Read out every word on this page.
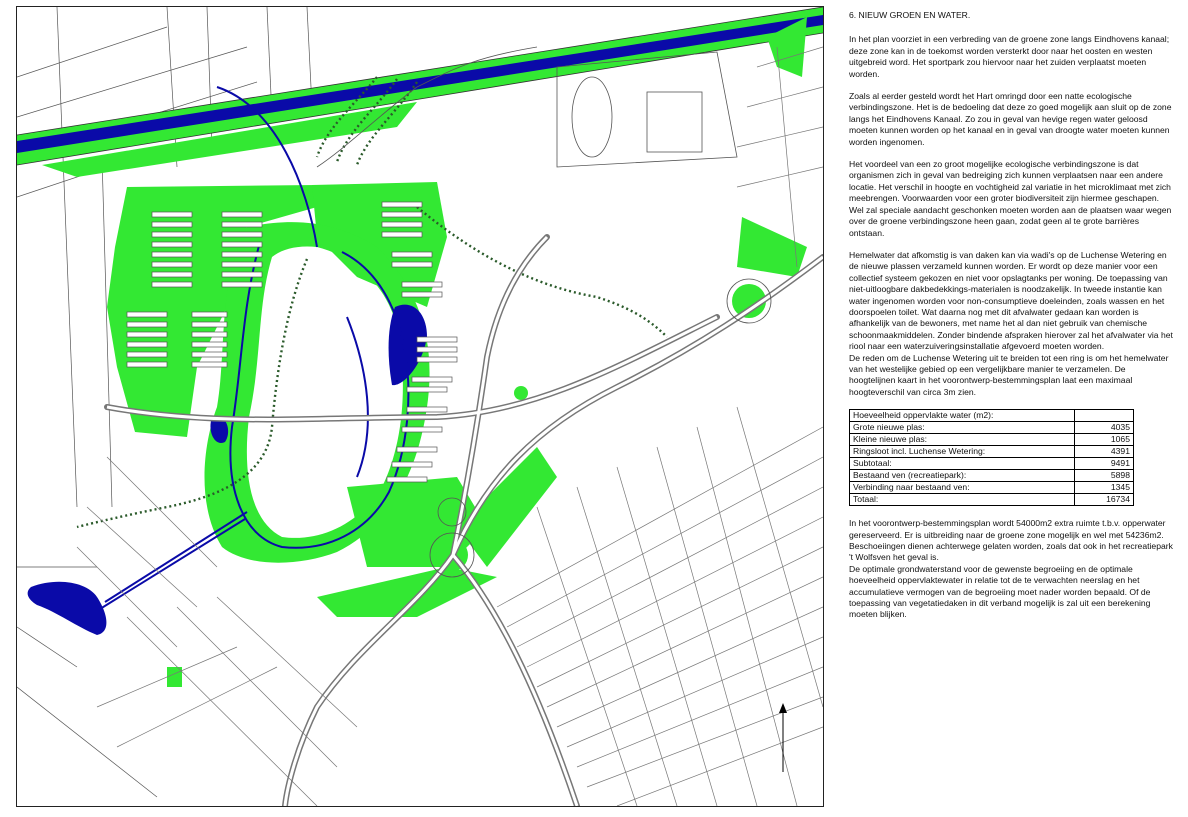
6. NIEUW GROEN EN WATER.

In het plan voorziet in een verbreding van de groene zone langs Eindhovens kanaal; deze zone kan in de toekomst worden versterkt door naar het oosten en westen uitgebreid word. Het sportpark zou hiervoor naar het zuiden verplaatst moeten worden.

Zoals al eerder gesteld wordt het Hart omringd door een natte ecologische verbindingszone. Het is de bedoeling dat deze zo goed mogelijk aan sluit op de zone langs het Eindhovens Kanaal. Zo zou in geval van hevige regen water geloosd moeten kunnen worden op het kanaal en in geval van droogte water moeten kunnen worden ingenomen.

Het voordeel van een zo groot mogelijke ecologische verbindingszone is dat organismen zich in geval van bedreiging zich kunnen verplaatsen naar een andere locatie. Het verschil in hoogte en vochtigheid zal variatie in het microklimaat met zich meebrengen. Voorwaarden voor een groter biodiversiteit zijn hiermee geschapen. Wel zal speciale aandacht geschonken moeten worden aan de plaatsen waar wegen over de groene verbindingszone heen gaan, zodat geen al te grote barrières ontstaan.

Hemelwater dat afkomstig is van daken kan via wadi's op de Luchense Wetering en de nieuwe plassen verzameld kunnen worden. Er wordt op deze manier voor een collectief systeem gekozen en niet voor opslagtanks per woning. De toepassing van niet-uitloogbare dakbedekkings-materialen is noodzakelijk. In tweede instantie kan water ingenomen worden voor non-consumptieve doeleinden, zoals wassen en het doorspoelen toilet. Wat daarna nog met dit afvalwater gedaan kan worden is afhankelijk van de bewoners, met name het al dan niet gebruik van chemische schoonmaakmiddelen. Zonder bindende afspraken hierover zal het afvalwater via het riool naar een waterzuiveringsinstallatie afgevoerd moeten worden.

De reden om de Luchense Wetering uit te breiden tot een ring is om het hemelwater van het westelijke gebied op een vergelijkbare manier te verzamelen. De hoogtelijnen kaart in het voorontwerp-bestemmingsplan laat een maximaal hoogteverschil van circa 3m zien.

Hoeveelheid oppervlakte water (m2):	
Grote nieuwe plas:	4035
Kleine nieuwe plas:	1065
Ringsloot incl. Luchense Wetering:	4391
Subtotaal:	9491
Bestaand ven (recreatiepark):	5898
Verbinding naar bestaand ven:	1345
Totaal:	16734

In het voorontwerp-bestemmingsplan wordt 54000m2 extra ruimte t.b.v. opperwater gereserveerd. Er is uitbreiding naar de groene zone mogelijk en wel met 54236m2. Beschoeiingen dienen achterwege gelaten worden, zoals dat ook in het recreatiepark 't Wolfsven het geval is.

De optimale grondwaterstand voor de gewenste begroeiing en de optimale hoeveelheid oppervlaktewater in relatie tot de te verwachten neerslag en het accumulatieve vermogen van de begroeiing moet nader worden bepaald. Of de toepassing van vegetatiedaken in dit verband mogelijk is zal uit een berekening moeten blijken.
